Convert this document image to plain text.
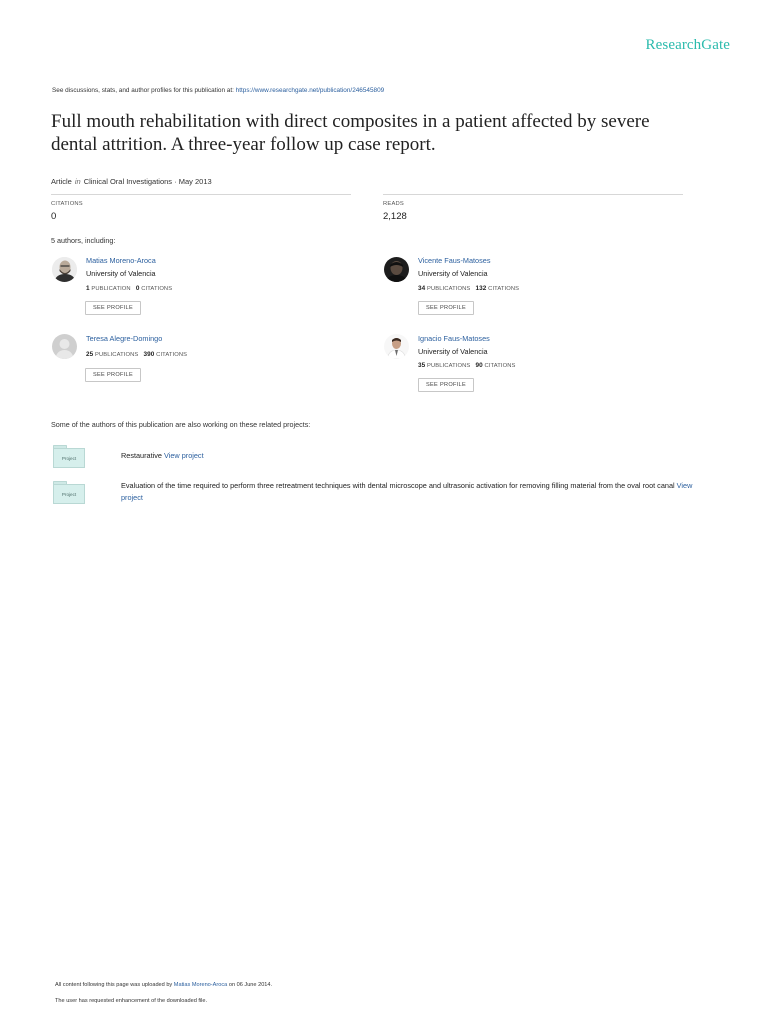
ResearchGate
See discussions, stats, and author profiles for this publication at: https://www.researchgate.net/publication/246545809
Full mouth rehabilitation with direct composites in a patient affected by severe dental attrition. A three-year follow up case report.
Article in Clinical Oral Investigations · May 2013
CITATIONS
0
READS
2,128
5 authors, including:
Matias Moreno-Aroca
University of Valencia
1 PUBLICATION 0 CITATIONS
SEE PROFILE
Vicente Faus-Matoses
University of Valencia
34 PUBLICATIONS 132 CITATIONS
SEE PROFILE
Teresa Alegre-Domingo
25 PUBLICATIONS 390 CITATIONS
SEE PROFILE
Ignacio Faus-Matoses
University of Valencia
35 PUBLICATIONS 90 CITATIONS
SEE PROFILE
Some of the authors of this publication are also working on these related projects:
Project	Restaurative View project
Project
Evaluation of the time required to perform three retreatment techniques with dental microscope and ultrasonic activation for removing filling material from the oval root canal View project
All content following this page was uploaded by Matias Moreno-Aroca on 06 June 2014.
The user has requested enhancement of the downloaded file.
